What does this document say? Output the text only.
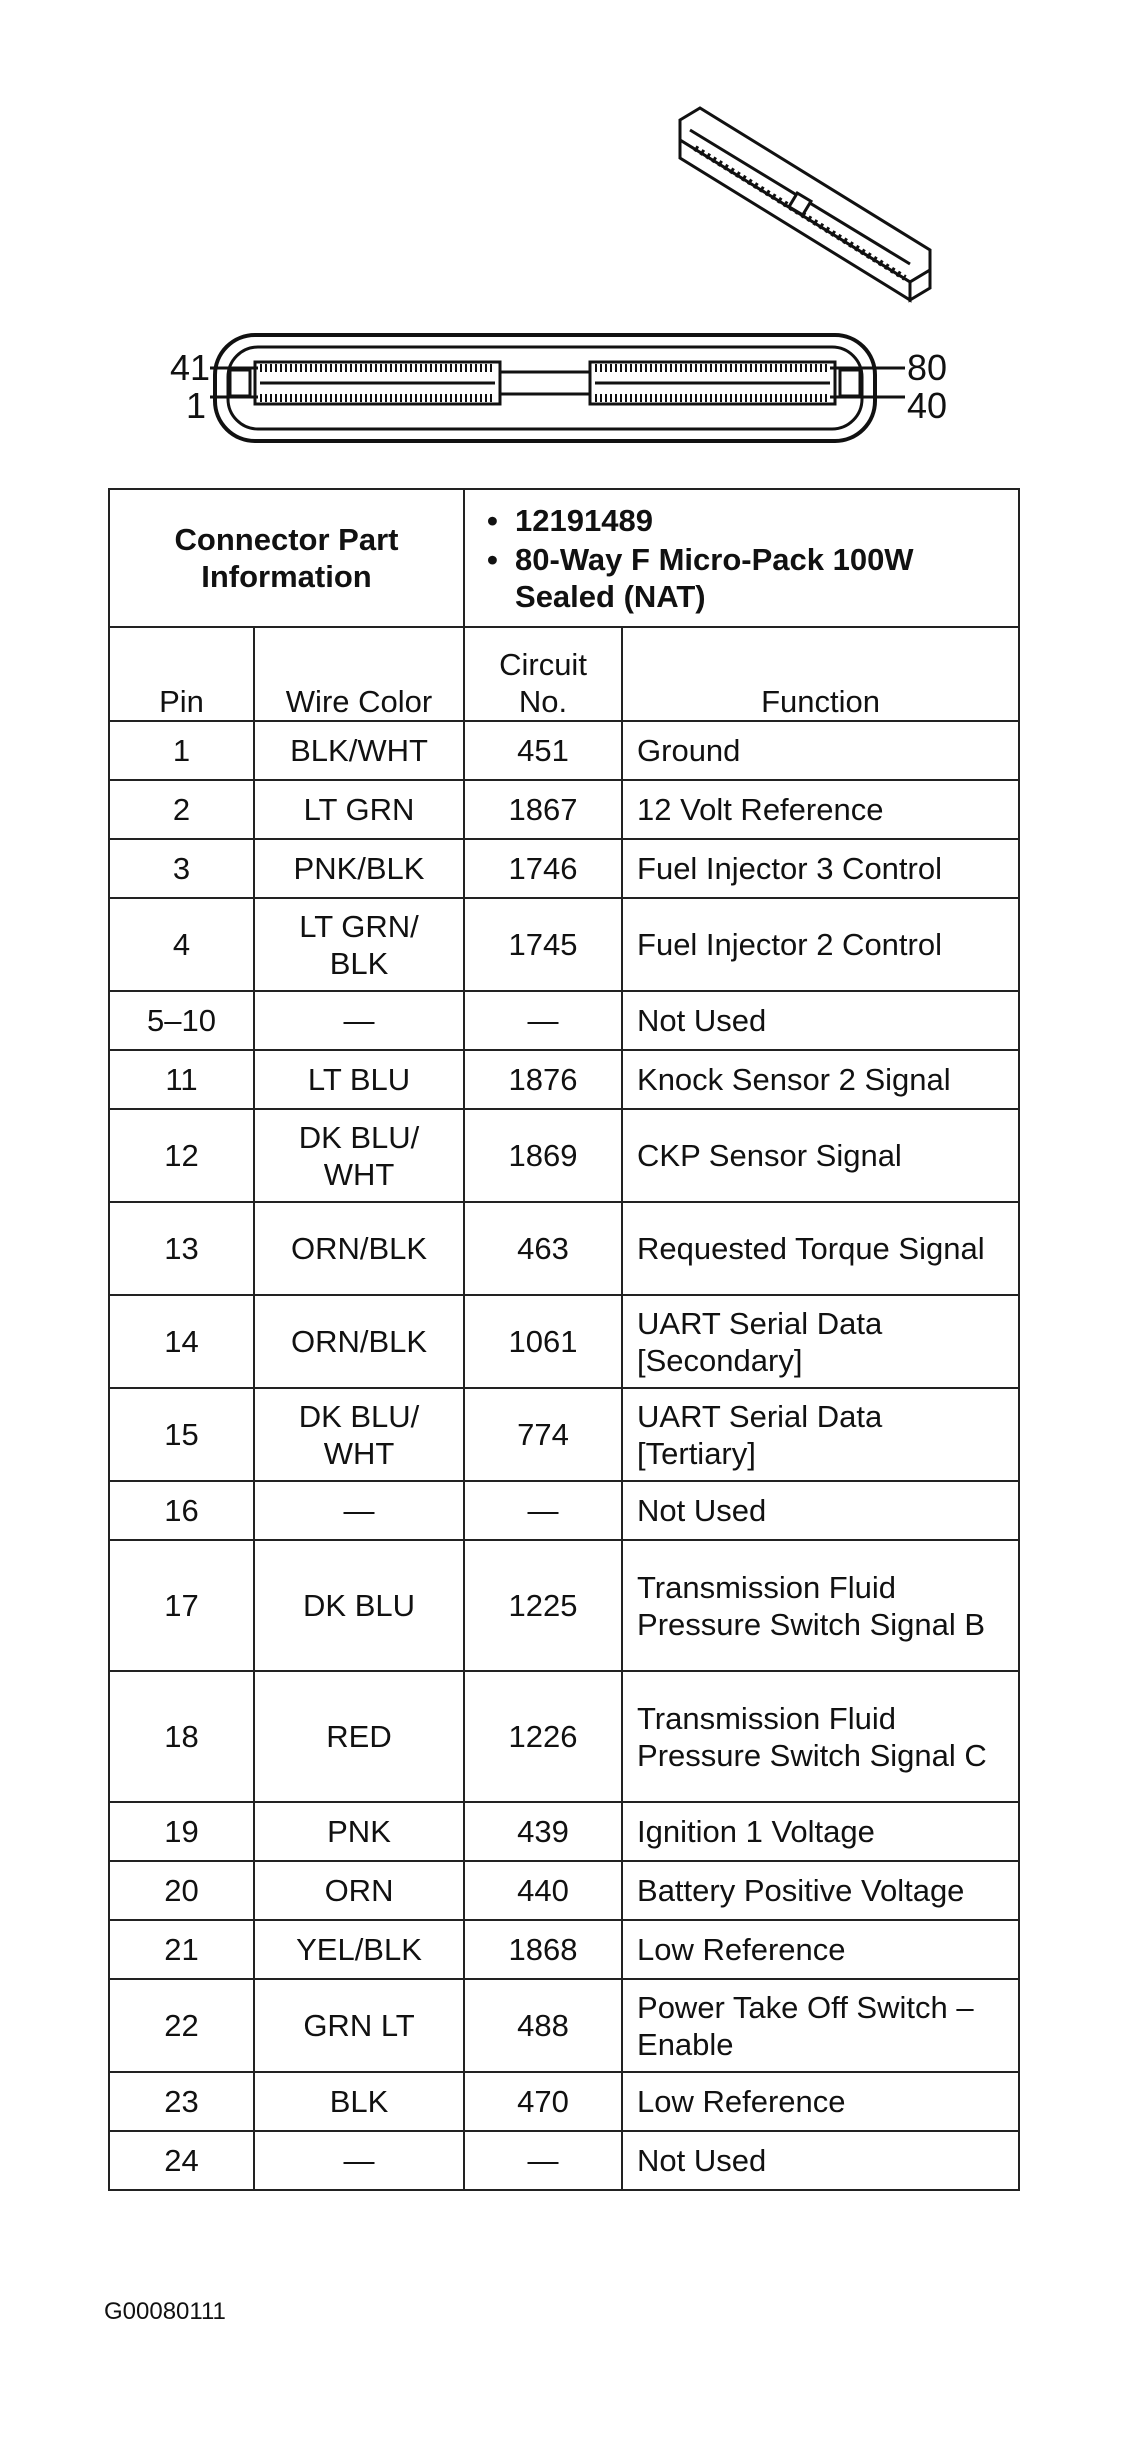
41
1
80
40
Connector Part Information		• 12191489
• 80-Way F Micro-Pack 100W Sealed (NAT)	

Pin	Wire Color	Circuit No.	Function
1	BLK/WHT	451	Ground
2	LT GRN	1867	12 Volt Reference
3	PNK/BLK	1746	Fuel Injector 3 Control
4	LT GRN/ BLK	1745	Fuel Injector 2 Control
5–10	—	—	Not Used
11	LT BLU	1876	Knock Sensor 2 Signal
12	DK BLU/ WHT	1869	CKP Sensor Signal
13	ORN/BLK	463	Requested Torque Signal
14	ORN/BLK	1061	UART Serial Data [Secondary]
15	DK BLU/ WHT	774	UART Serial Data [Tertiary]
16	—	—	Not Used
17	DK BLU	1225	Transmission Fluid Pressure Switch Signal B
18	RED	1226	Transmission Fluid Pressure Switch Signal C
19	PNK	439	Ignition 1 Voltage
20	ORN	440	Battery Positive Voltage
21	YEL/BLK	1868	Low Reference
22	GRN LT	488	Power Take Off Switch – Enable
23	BLK	470	Low Reference
24	—	—	Not Used
G00080111
